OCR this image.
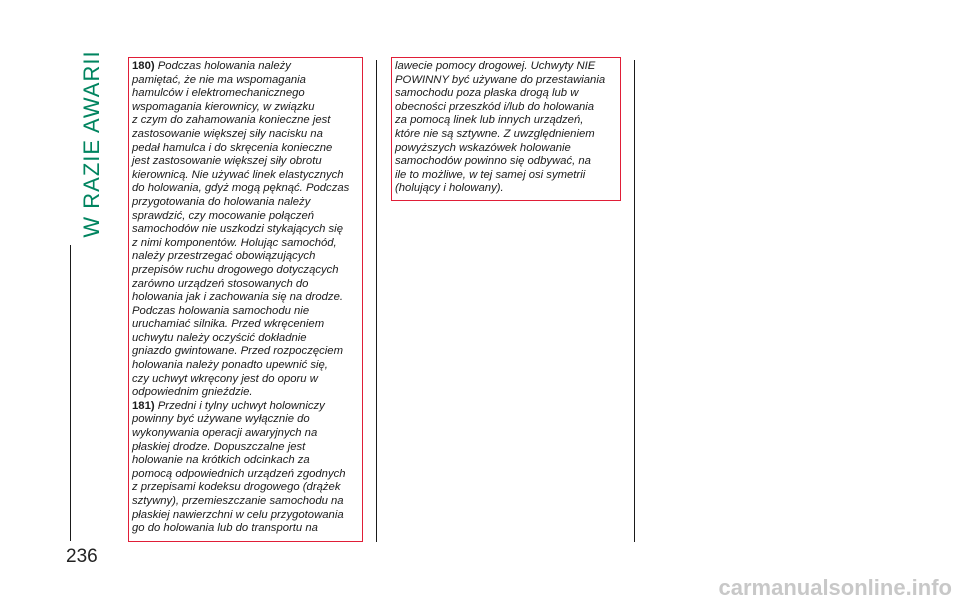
W RAZIE AWARII
236
180) Podczas holowania należy
pamiętać, że nie ma wspomagania
hamulców i elektromechanicznego
wspomagania kierownicy, w związku
z czym do zahamowania konieczne jest
zastosowanie większej siły nacisku na
pedał hamulca i do skręcenia konieczne
jest zastosowanie większej siły obrotu
kierownicą. Nie używać linek elastycznych
do holowania, gdyż mogą pęknąć. Podczas
przygotowania do holowania należy
sprawdzić, czy mocowanie połączeń
samochodów nie uszkodzi stykających się
z nimi komponentów. Holując samochód,
należy przestrzegać obowiązujących
przepisów ruchu drogowego dotyczących
zarówno urządzeń stosowanych do
holowania jak i zachowania się na drodze.
Podczas holowania samochodu nie
uruchamiać silnika. Przed wkręceniem
uchwytu należy oczyścić dokładnie
gniazdo gwintowane. Przed rozpoczęciem
holowania należy ponadto upewnić się,
czy uchwyt wkręcony jest do oporu w
odpowiednim gnieździe.
181) Przedni i tylny uchwyt holowniczy
powinny być używane wyłącznie do
wykonywania operacji awaryjnych na
płaskiej drodze. Dopuszczalne jest
holowanie na krótkich odcinkach za
pomocą odpowiednich urządzeń zgodnych
z przepisami kodeksu drogowego (drążek
sztywny), przemieszczanie samochodu na
płaskiej nawierzchni w celu przygotowania
go do holowania lub do transportu na
lawecie pomocy drogowej. Uchwyty NIE
POWINNY być używane do przestawiania
samochodu poza płaska drogą lub w
obecności przeszkód i/lub do holowania
za pomocą linek lub innych urządzeń,
które nie są sztywne. Z uwzględnieniem
powyższych wskazówek holowanie
samochodów powinno się odbywać, na
ile to możliwe, w tej samej osi symetrii
(holujący i holowany).
carmanualsonline.info
